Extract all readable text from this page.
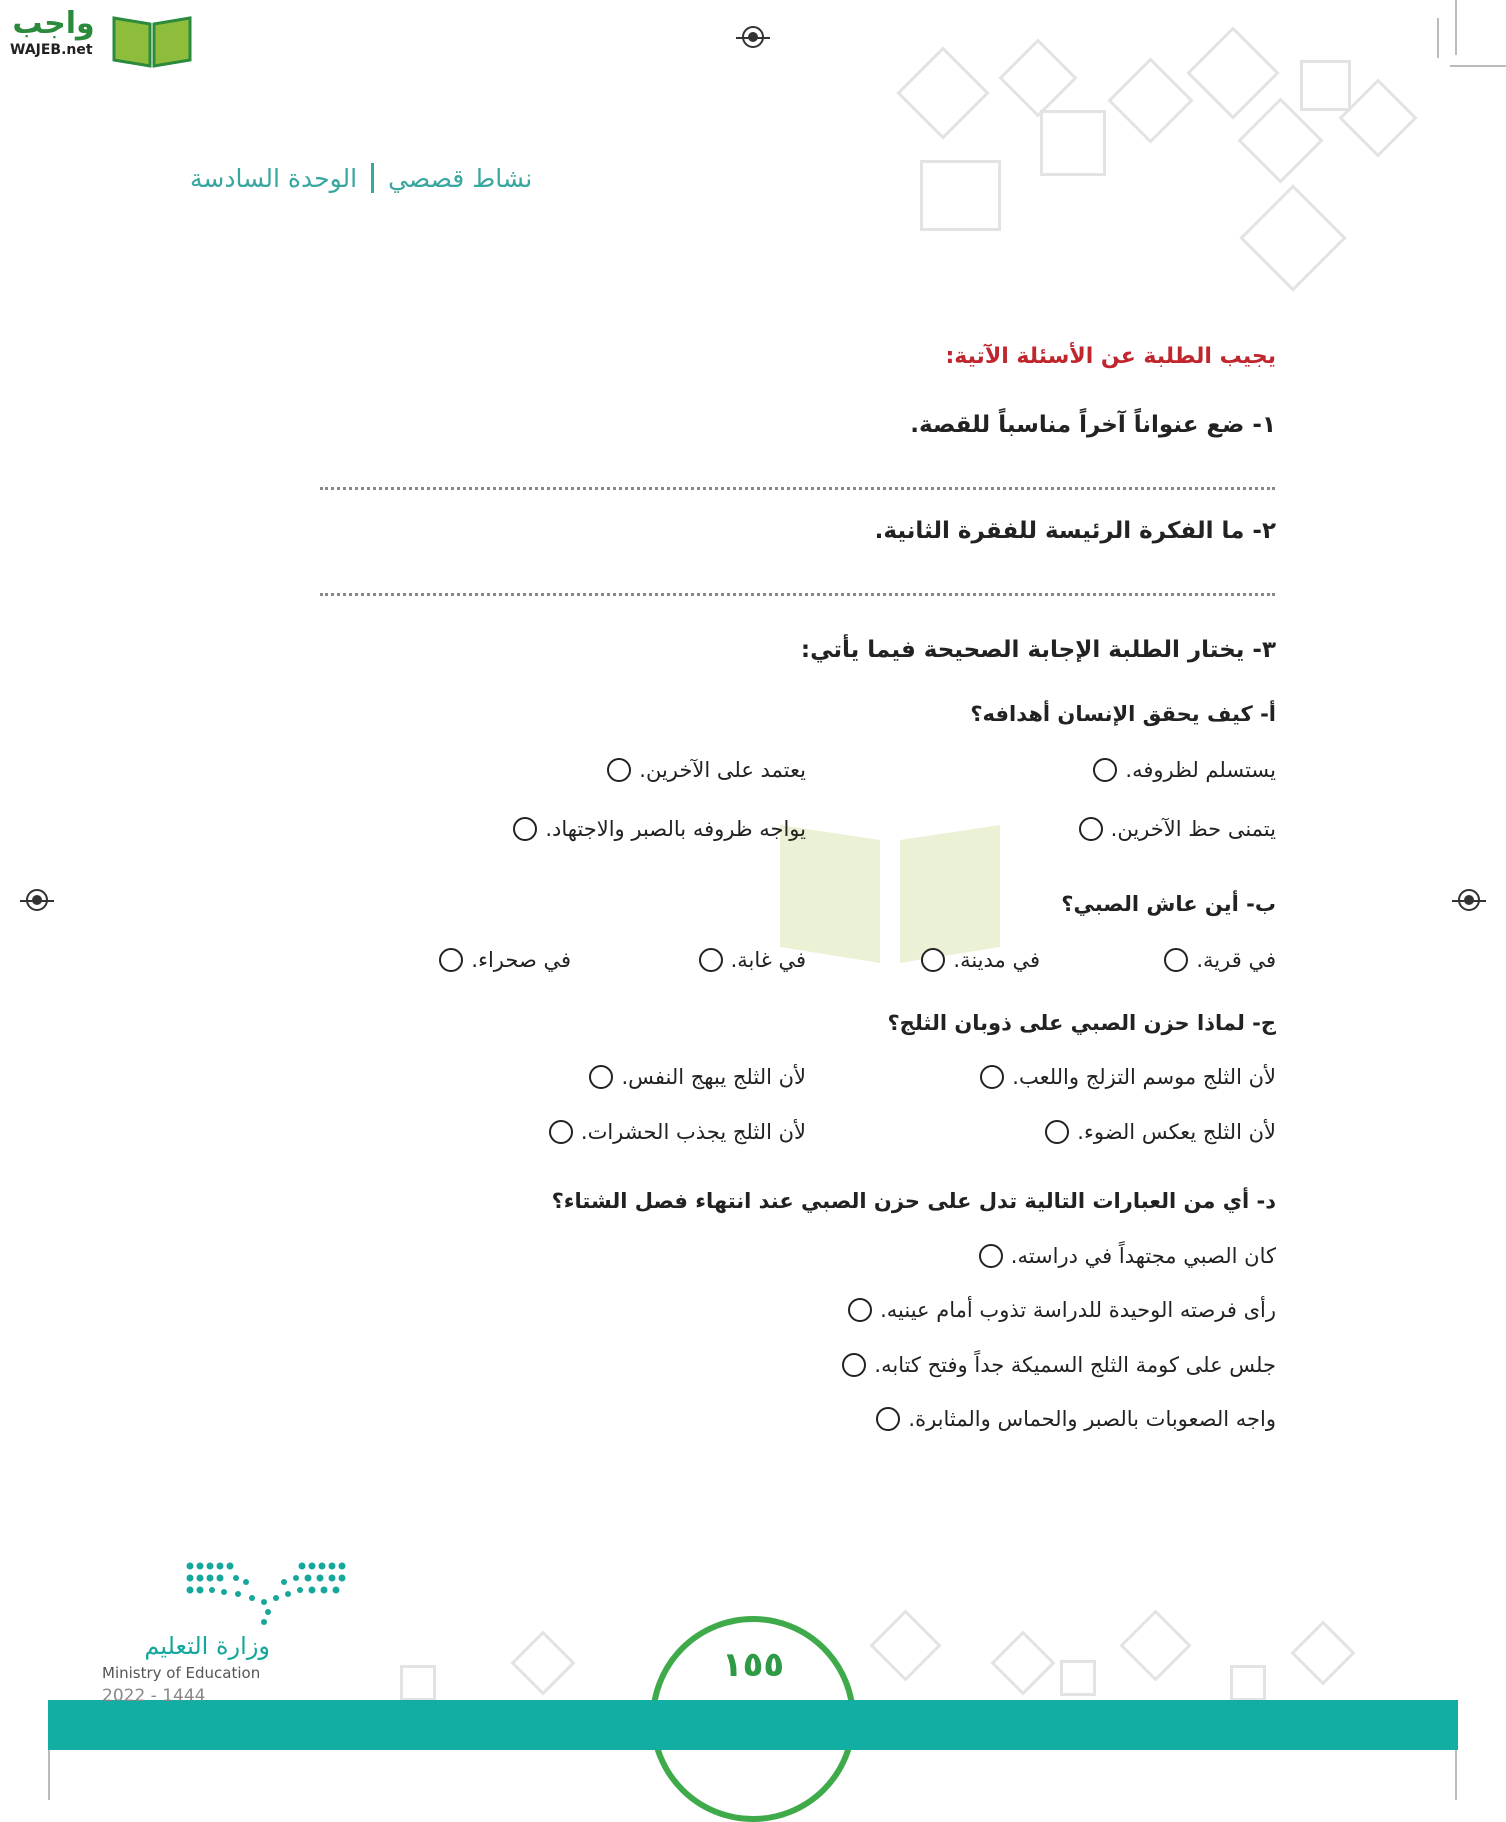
واجب
WAJEB.net
الوحدة السادسة نشاط قصصي
يجيب الطلبة عن الأسئلة الآتية:
١- ضع عنواناً آخراً مناسباً للقصة.
٢- ما الفكرة الرئيسة للفقرة الثانية.
٣- يختار الطلبة الإجابة الصحيحة فيما يأتي:
أ- كيف يحقق الإنسان أهدافه؟
يستسلم لظروفه.
يعتمد على الآخرين.
يتمنى حظ الآخرين.
يواجه ظروفه بالصبر والاجتهاد.
ب- أين عاش الصبي؟
في قرية.
في مدينة.
في غابة.
في صحراء.
ج- لماذا حزن الصبي على ذوبان الثلج؟
لأن الثلج موسم التزلج واللعب.
لأن الثلج يبهج النفس.
لأن الثلج يعكس الضوء.
لأن الثلج يجذب الحشرات.
د- أي من العبارات التالية تدل على حزن الصبي عند انتهاء فصل الشتاء؟
كان الصبي مجتهداً في دراسته.
رأى فرصته الوحيدة للدراسة تذوب أمام عينيه.
جلس على كومة الثلج السميكة جداً وفتح كتابه.
واجه الصعوبات بالصبر والحماس والمثابرة.
١٥٥
وزارة التعليم
Ministry of Education
2022 - 1444
